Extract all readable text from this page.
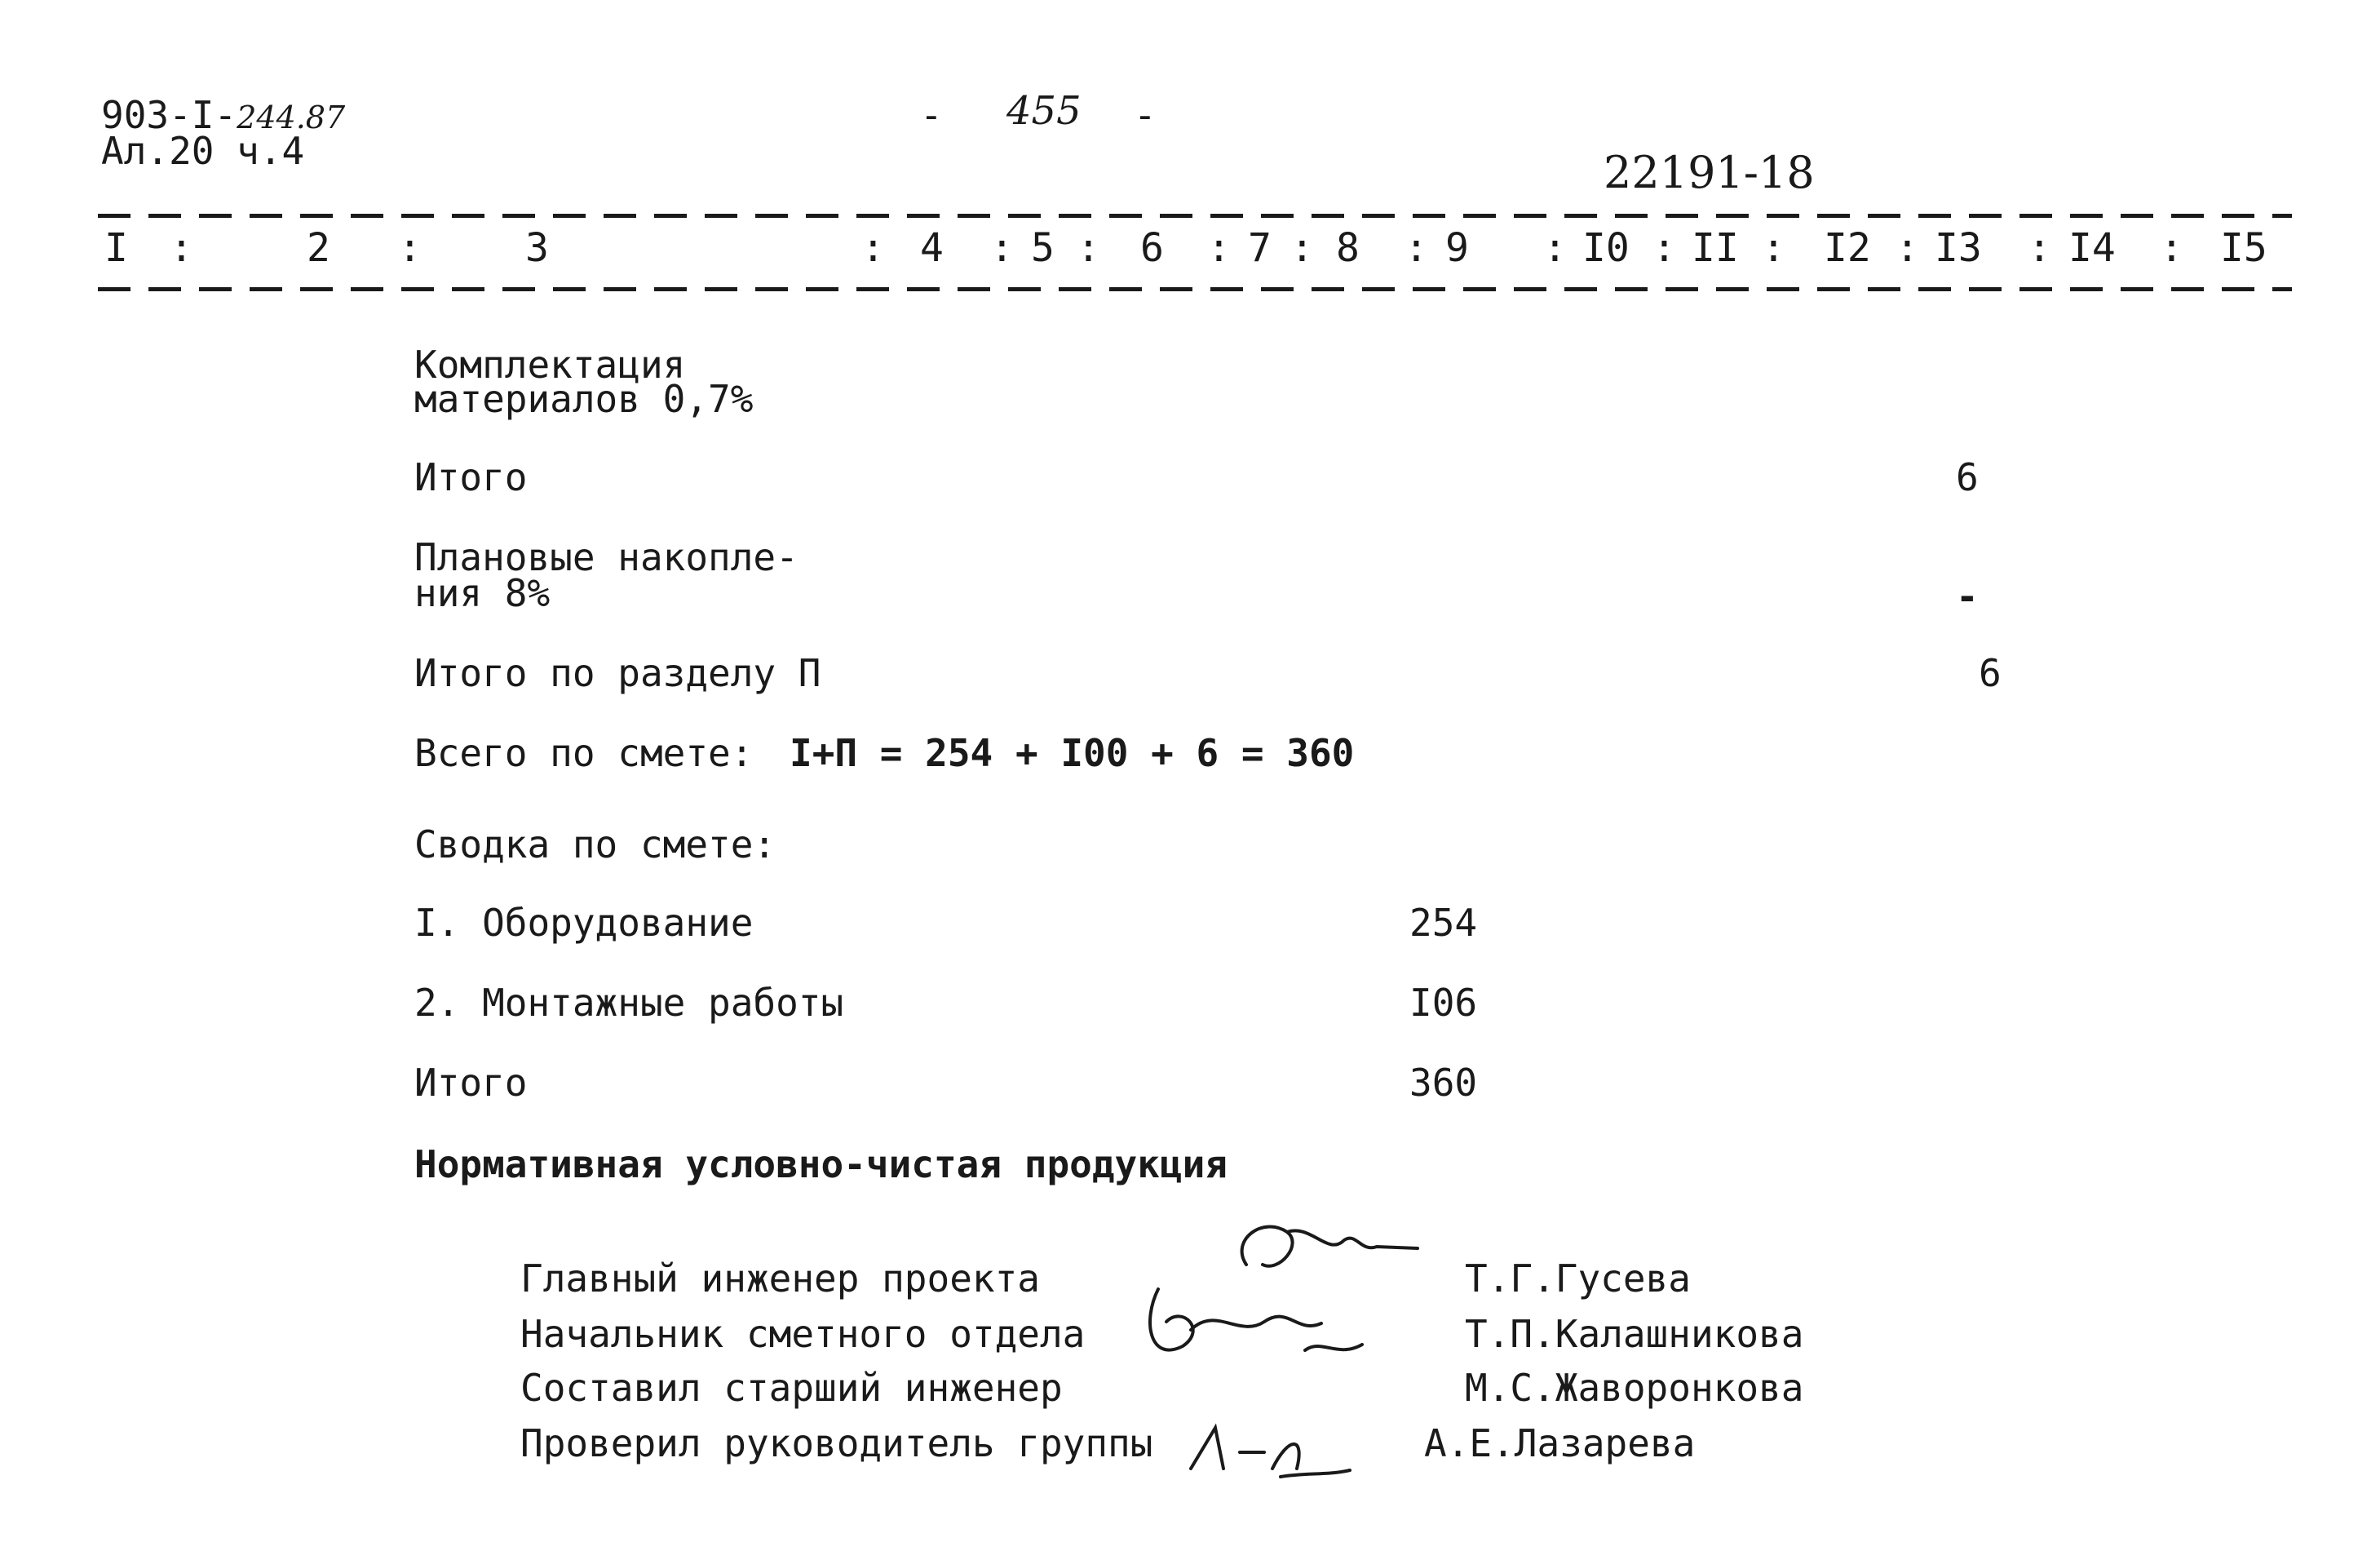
903-I-244.87
Ал.20 ч.4
- 455 -
22191-18
I :	2 :	3	: 4 : 5 : 6 : 7 : 8 : 9 : I0 : II : I2 : I3 : I4 : I5
Комплектация
материалов 0,7%
Итого	6
Плановые накопле-
ния 8%	-
Итого по разделу П	6
Всего по смете: I+П = 254 + I00 + 6 = 360
Сводка по смете:
I. Оборудование	254
2. Монтажные работы	I06
Итого	360
Нормативная условно-чистая продукция
Главный инженер проекта	Т.Г.Гусева
Начальник сметного отдела	Т.П.Калашникова
Составил старший инженер	М.С.Жаворонкова
Проверил руководитель группы	А.Е.Лазарева
